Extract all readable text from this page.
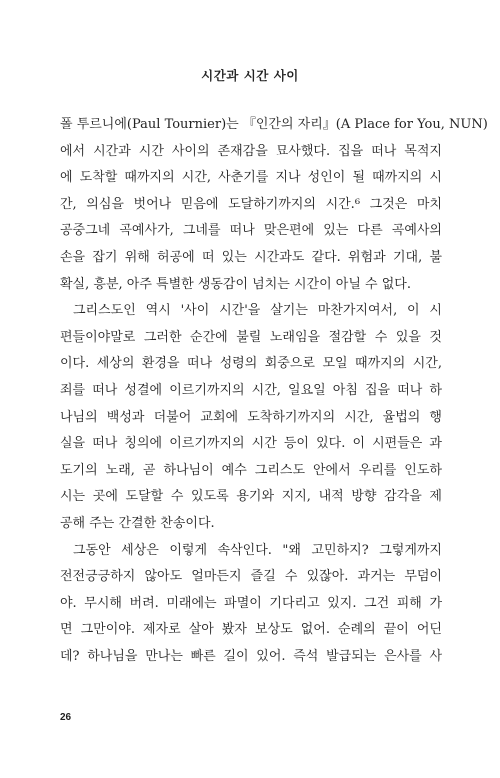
시간과 시간 사이
폴 투르니에(Paul Tournier)는 『인간의 자리』(A Place for You, NUN)
에서 시간과 시간 사이의 존재감을 묘사했다. 집을 떠나 목적지
에 도착할 때까지의 시간, 사춘기를 지나 성인이 될 때까지의 시
간, 의심을 벗어나 믿음에 도달하기까지의 시간.⁶ 그것은 마치
공중그네 곡예사가, 그네를 떠나 맞은편에 있는 다른 곡예사의
손을 잡기 위해 허공에 떠 있는 시간과도 같다. 위험과 기대, 불
확실, 흥분, 아주 특별한 생동감이 넘치는 시간이 아닐 수 없다.
그리스도인 역시 '사이 시간'을 살기는 마찬가지여서, 이 시
편들이야말로 그러한 순간에 불릴 노래임을 절감할 수 있을 것
이다. 세상의 환경을 떠나 성령의 회중으로 모일 때까지의 시간,
죄를 떠나 성결에 이르기까지의 시간, 일요일 아침 집을 떠나 하
나님의 백성과 더불어 교회에 도착하기까지의 시간, 율법의 행
실을 떠나 칭의에 이르기까지의 시간 등이 있다. 이 시편들은 과
도기의 노래, 곧 하나님이 예수 그리스도 안에서 우리를 인도하
시는 곳에 도달할 수 있도록 용기와 지지, 내적 방향 감각을 제
공해 주는 간결한 찬송이다.
그동안 세상은 이렇게 속삭인다. "왜 고민하지? 그렇게까지
전전긍긍하지 않아도 얼마든지 즐길 수 있잖아. 과거는 무덤이
야. 무시해 버려. 미래에는 파멸이 기다리고 있지. 그건 피해 가
면 그만이야. 제자로 살아 봤자 보상도 없어. 순례의 끝이 어딘
데? 하나님을 만나는 빠른 길이 있어. 즉석 발급되는 은사를 사
26
